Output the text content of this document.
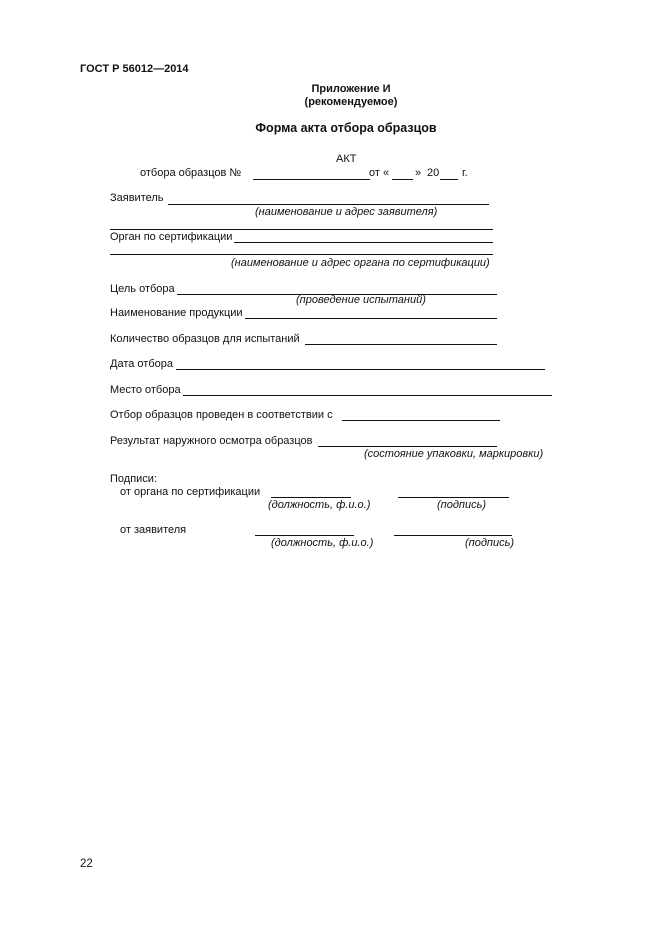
ГОСТ Р 56012—2014
Приложение И
(рекомендуемое)
Форма акта отбора образцов
АКТ
отбора образцов №	от « » 20 г.
Заявитель
(наименование и адрес заявителя)
Орган по сертификации
(наименование и адрес органа по сертификации)
Цель отбора
(проведение испытаний)
Наименование продукции
Количество образцов для испытаний
Дата отбора
Место отбора
Отбор образцов проведен в соответствии с
Результат наружного осмотра образцов
(состояние упаковки, маркировки)
Подписи:
от органа по сертификации
(должность, ф.и.о.)	(подпись)
от заявителя
(должность, ф.и.о.)	(подпись)
22
